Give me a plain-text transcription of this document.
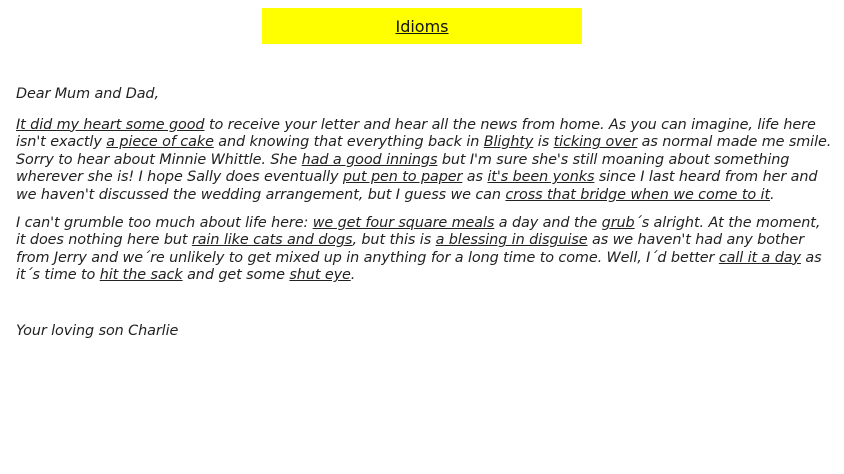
Idioms

Dear Mum and Dad,

It did my heart some good to receive your letter and hear all the news from home. As you can imagine, life here isn't exactly a piece of cake and knowing that everything back in Blighty is ticking over as normal made me smile. Sorry to hear about Minnie Whittle. She had a good innings but I'm sure she's still moaning about something wherever she is! I hope Sally does eventually put pen to paper as it's been yonks since I last heard from her and we haven't discussed the wedding arrangement, but I guess we can cross that bridge when we come to it.

I can't grumble too much about life here: we get four square meals a day and the grub´s alright. At the moment, it does nothing here but rain like cats and dogs, but this is a blessing in disguise as we haven't had any bother from Jerry and we´re unlikely to get mixed up in anything for a long time to come. Well, I´d better call it a day as it´s time to hit the sack and get some shut eye.

Your loving son Charlie
